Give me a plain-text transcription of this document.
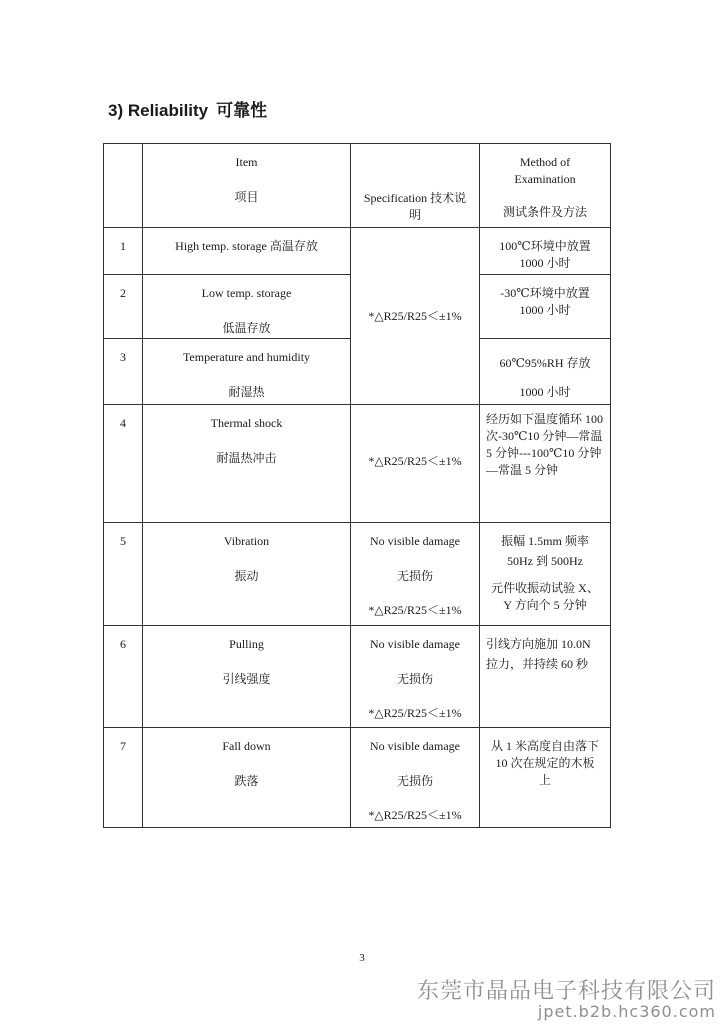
3) Reliability 可靠性
	Item
项目	Specification 技术说明	Method of Examination
测试条件及方法

1	High temp. storage 高温存放	*△R25/R25＜±1%	100℃环境中放置
1000 小时

2	Low temp. storage
低温存放		-30℃环境中放置
1000 小时

3	Temperature and humidity
耐湿热		60℃95%RH 存放
1000 小时

4	Thermal shock
耐温热冲击	*△R25/R25＜±1%	经历如下温度循环 100
次-30℃10 分钟—常温
5 分钟---100℃10 分钟
—常温 5 分钟

5	Vibration
振动	No visible damage
无损伤
*△R25/R25＜±1%	振幅 1.5mm 频率
50Hz 到 500Hz
元件收振动试验 X、
Y 方向个 5 分钟

6	Pulling
引线强度	No visible damage
无损伤
*△R25/R25＜±1%	引线方向施加 10.0N
拉力，并持续 60 秒

7	Fall down
跌落	No visible damage
无损伤
*△R25/R25＜±1%	从 1 米高度自由落下
10 次在规定的木板
上
3
东莞市晶品电子科技有限公司
jpet.b2b.hc360.com
